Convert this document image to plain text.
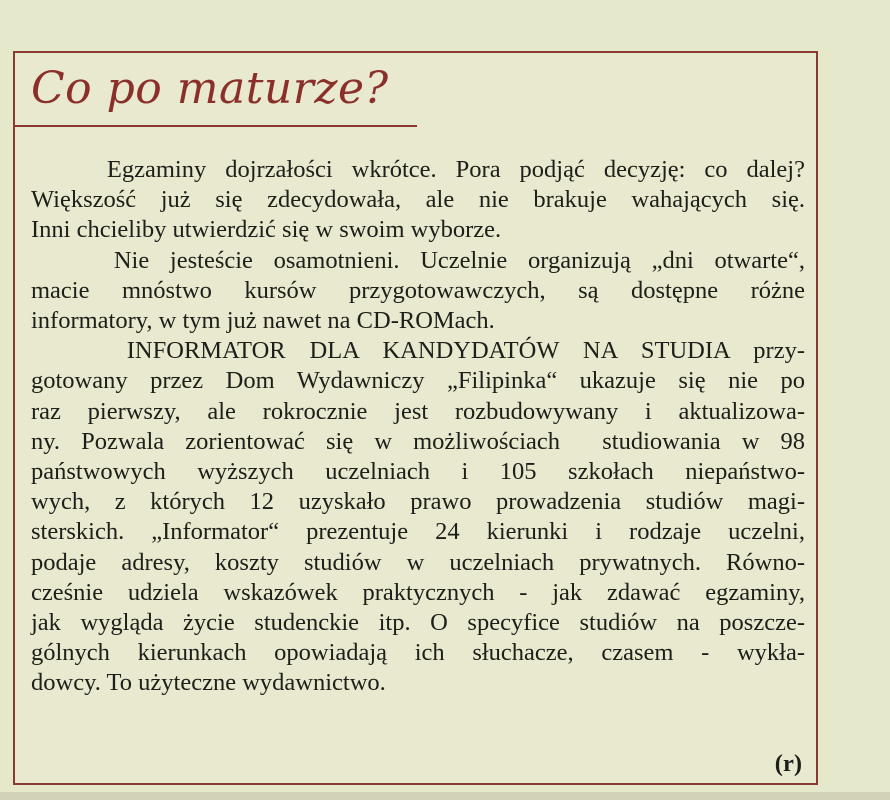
Co po maturze?
Egzaminy dojrzałości wkrótce. Pora podjąć decyzję: co dalej?
Większość już się zdecydowała, ale nie brakuje wahających się.
Inni chcieliby utwierdzić się w swoim wyborze.
Nie jesteście osamotnieni. Uczelnie organizują „dni otwarte“,
macie mnóstwo kursów przygotowawczych, są dostępne różne
informatory, w tym już nawet na CD-ROMach.
INFORMATOR DLA KANDYDATÓW NA STUDIA przy-
gotowany przez Dom Wydawniczy „Filipinka“ ukazuje się nie po
raz pierwszy, ale rokrocznie jest rozbudowywany i aktualizowa-
ny. Pozwala zorientować się w możliwościach  studiowania w 98
państwowych wyższych uczelniach i 105 szkołach niepaństwo-
wych, z których 12 uzyskało prawo prowadzenia studiów magi-
sterskich. „Informator“ prezentuje 24 kierunki i rodzaje uczelni,
podaje adresy, koszty studiów w uczelniach prywatnych. Równo-
cześnie udziela wskazówek praktycznych - jak zdawać egzaminy,
jak wygląda życie studenckie itp. O specyfice studiów na poszcze-
gólnych kierunkach opowiadają ich słuchacze, czasem - wykła-
dowcy. To użyteczne wydawnictwo.
(r)
